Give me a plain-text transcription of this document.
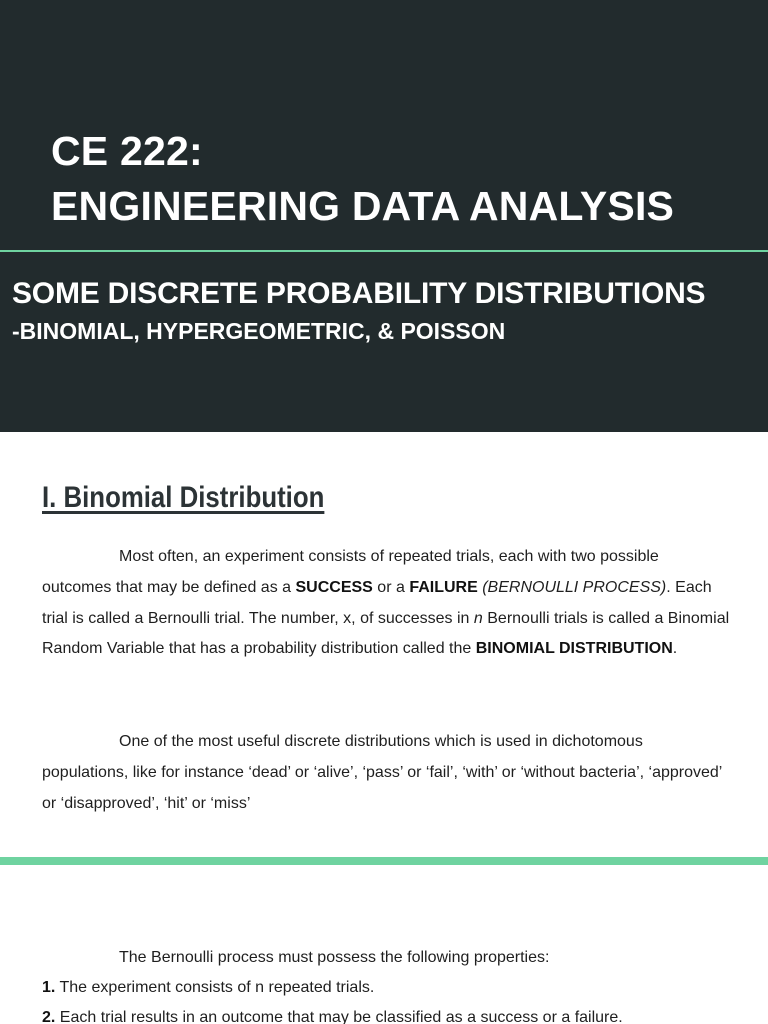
CE 222:
ENGINEERING DATA ANALYSIS
SOME DISCRETE PROBABILITY DISTRIBUTIONS
-BINOMIAL, HYPERGEOMETRIC, & POISSON
I. Binomial Distribution

Most often, an experiment consists of repeated trials, each with two possible outcomes that may be defined as a SUCCESS or a FAILURE (BERNOULLI PROCESS). Each trial is called a Bernoulli trial. The number, x, of successes in n Bernoulli trials is called a Binomial Random Variable that has a probability distribution called the BINOMIAL DISTRIBUTION.

One of the most useful discrete distributions which is used in dichotomous populations, like for instance ‘dead’ or ‘alive’, ‘pass’ or ‘fail’, ‘with’ or ‘without bacteria’, ‘approved’ or ‘disapproved’, ‘hit’ or ‘miss’

The Bernoulli process must possess the following properties:
1. The experiment consists of n repeated trials.
2. Each trial results in an outcome that may be classified as a success or a failure.
